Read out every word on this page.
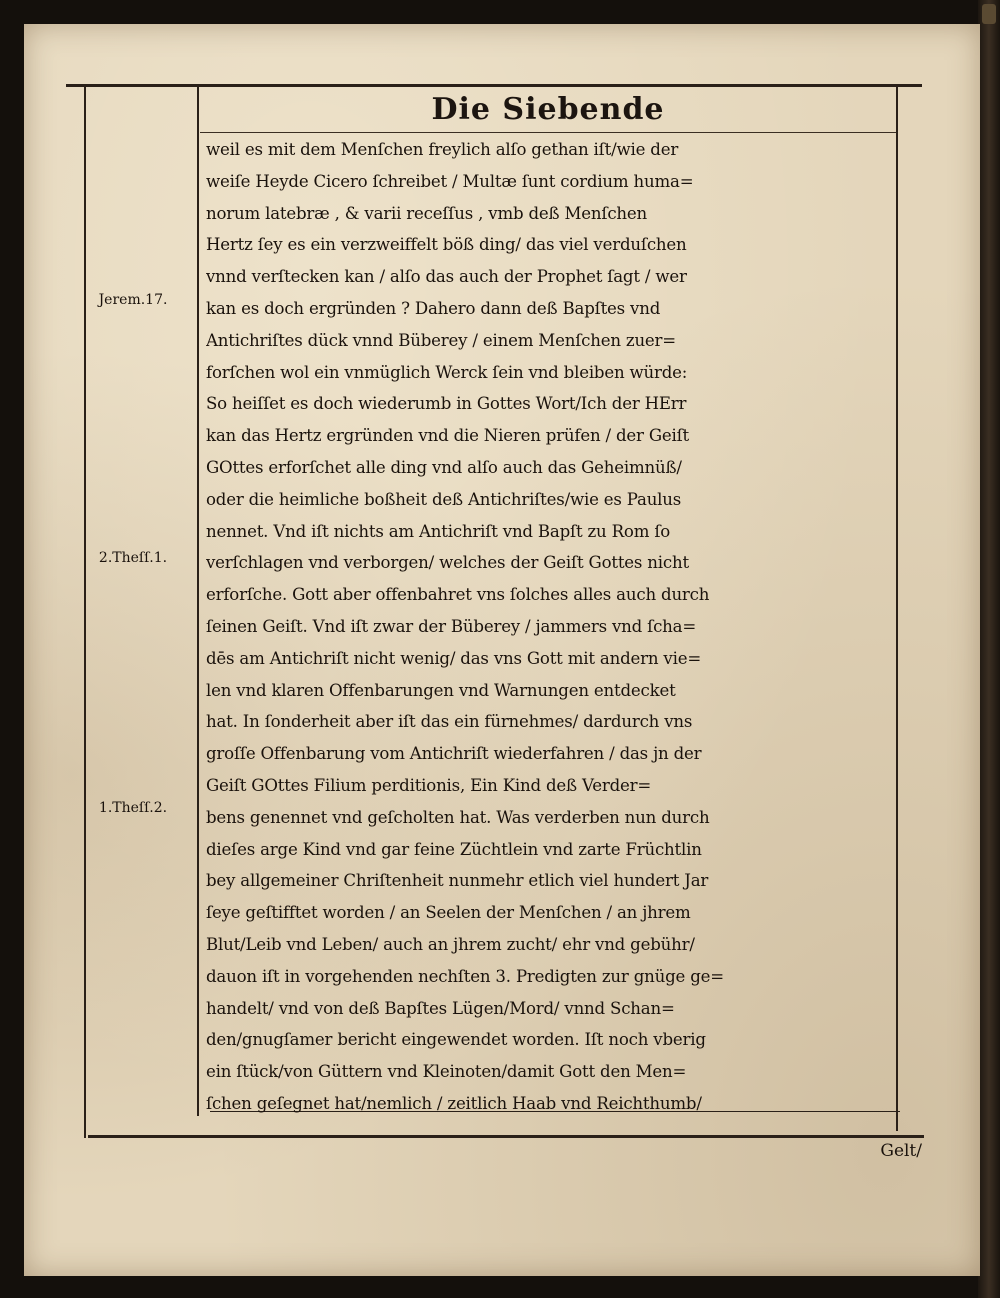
Die Siebende
Jerem.17.
2.Theſſ.1.
1.Theſſ.2.
weil es mit dem Menſchen freylich alſo gethan iſt/wie der
weiſe Heyde Cicero ſchreibet / Multæ ſunt cordium huma=
norum latebræ , & varii receſſus , vmb deß Menſchen
Hertz ſey es ein verzweiffelt böß ding/ das viel verduſchen
vnnd verſtecken kan / alſo das auch der Prophet ſagt / wer
kan es doch ergründen ? Dahero dann deß Bapſtes vnd
Antichriſtes dück vnnd Büberey / einem Menſchen zuer=
forſchen wol ein vnmüglich Werck ſein vnd bleiben würde:
So heiſſet es doch wiederumb in Gottes Wort/Ich der HErr
kan das Hertz ergründen vnd die Nieren prüfen / der Geiſt
GOttes erforſchet alle ding vnd alſo auch das Geheimnüß/
oder die heimliche boßheit deß Antichriſtes/wie es Paulus
nennet. Vnd iſt nichts am Antichriſt vnd Bapſt zu Rom ſo
verſchlagen vnd verborgen/ welches der Geiſt Gottes nicht
erforſche. Gott aber offenbahret vns ſolches alles auch durch
ſeinen Geiſt. Vnd iſt zwar der Büberey / jammers vnd ſcha=
dēs am Antichriſt nicht wenig/ das vns Gott mit andern vie=
len vnd klaren Offenbarungen vnd Warnungen entdecket
hat. In ſonderheit aber iſt das ein fürnehmes/ dardurch vns
groſſe Offenbarung vom Antichriſt wiederfahren / das jn der
Geiſt GOttes Filium perditionis, Ein Kind deß Verder=
bens genennet vnd geſcholten hat. Was verderben nun durch
dieſes arge Kind vnd gar feine Züchtlein vnd zarte Früchtlin
bey allgemeiner Chriſtenheit nunmehr etlich viel hundert Jar
ſeye geſtifftet worden / an Seelen der Menſchen / an jhrem
Blut/Leib vnd Leben/ auch an jhrem zucht/ ehr vnd gebühr/
dauon iſt in vorgehenden nechſten 3. Predigten zur gnüge ge=
handelt/ vnd von deß Bapſtes Lügen/Mord/ vnnd Schan=
den/gnugſamer bericht eingewendet worden. Iſt noch vberig
ein ſtück/von Güttern vnd Kleinoten/damit Gott den Men=
ſchen geſegnet hat/nemlich / zeitlich Haab vnd Reichthumb/
Gelt/
